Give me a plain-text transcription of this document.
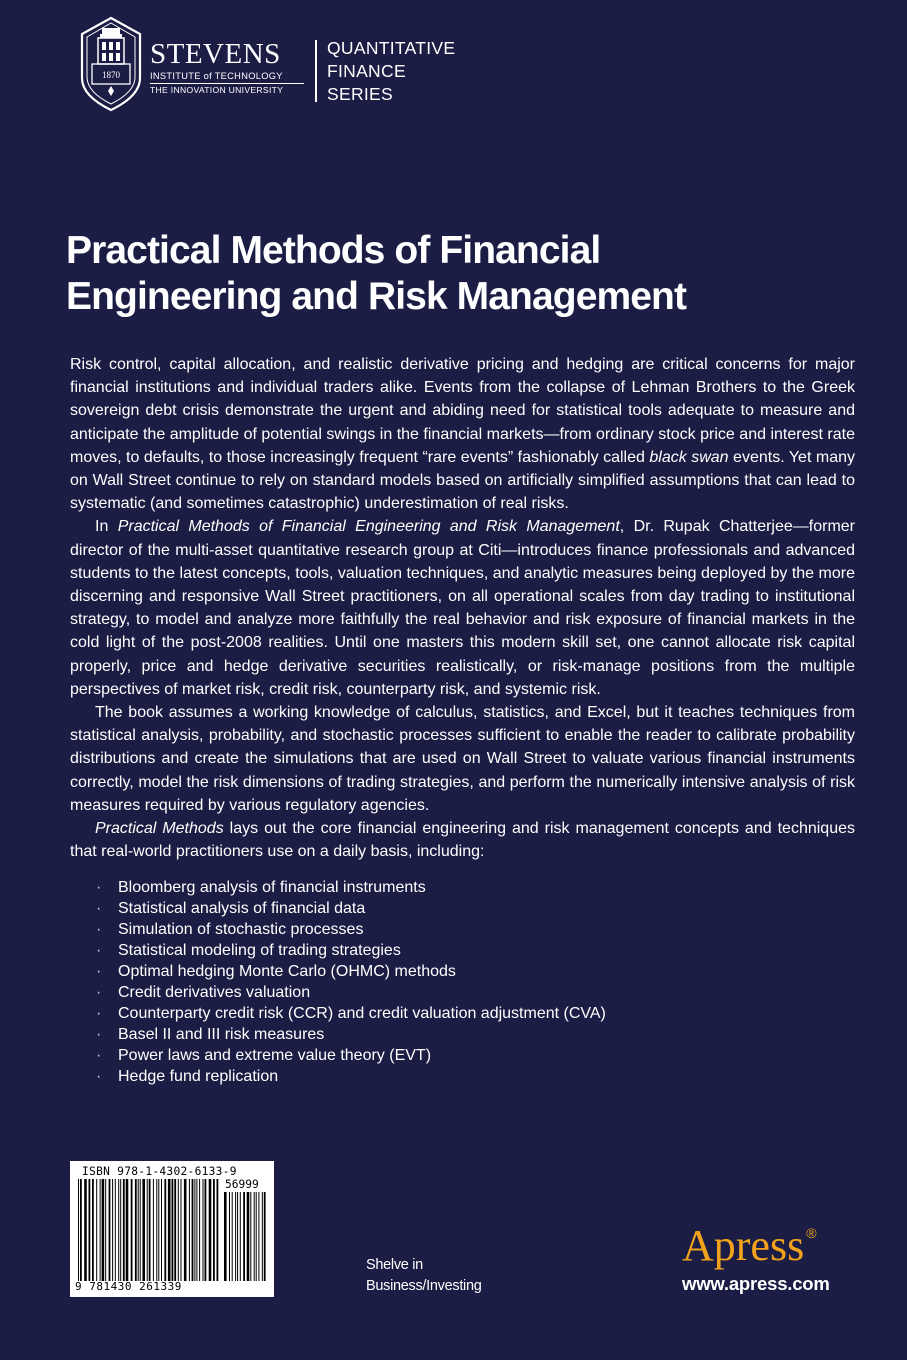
1870
STEVENS
INSTITUTE of TECHNOLOGY
THE INNOVATION UNIVERSITY
QUANTITATIVE
FINANCE
SERIES
Practical Methods of Financial
Engineering and Risk Management

Risk control, capital allocation, and realistic derivative pricing and hedging are critical concerns for major financial institutions and individual traders alike. Events from the collapse of Lehman Brothers to the Greek sovereign debt crisis demonstrate the urgent and abiding need for statistical tools adequate to measure and anticipate the amplitude of potential swings in the financial markets—from ordinary stock price and interest rate moves, to defaults, to those increasingly frequent “rare events” fashionably called black swan events. Yet many on Wall Street continue to rely on standard models based on artificially simplified assumptions that can lead to systematic (and sometimes catastrophic) underestimation of real risks.

In Practical Methods of Financial Engineering and Risk Management, Dr. Rupak Chatterjee—former director of the multi-asset quantitative research group at Citi—introduces finance professionals and advanced students to the latest concepts, tools, valuation techniques, and analytic measures being deployed by the more discerning and responsive Wall Street practitioners, on all operational scales from day trading to institutional strategy, to model and analyze more faithfully the real behavior and risk exposure of financial markets in the cold light of the post-2008 realities. Until one masters this modern skill set, one cannot allocate risk capital properly, price and hedge derivative securities realistically, or risk-manage positions from the multiple perspectives of market risk, credit risk, counterparty risk, and systemic risk.

The book assumes a working knowledge of calculus, statistics, and Excel, but it teaches techniques from statistical analysis, probability, and stochastic processes sufficient to enable the reader to calibrate probability distributions and create the simulations that are used on Wall Street to valuate various financial instruments correctly, model the risk dimensions of trading strategies, and perform the numerically intensive analysis of risk measures required by various regulatory agencies.

Practical Methods lays out the core financial engineering and risk management concepts and techniques that real-world practitioners use on a daily basis, including:

· Bloomberg analysis of financial instruments
· Statistical analysis of financial data
· Simulation of stochastic processes
· Statistical modeling of trading strategies
· Optimal hedging Monte Carlo (OHMC) methods
· Credit derivatives valuation
· Counterparty credit risk (CCR) and credit valuation adjustment (CVA)
· Basel II and III risk measures
· Power laws and extreme value theory (EVT)
· Hedge fund replication
ISBN 978-1-4302-6133-9
56999
9 781430 261339
Shelve in
Business/Investing
Apress ®
www.apress.com
